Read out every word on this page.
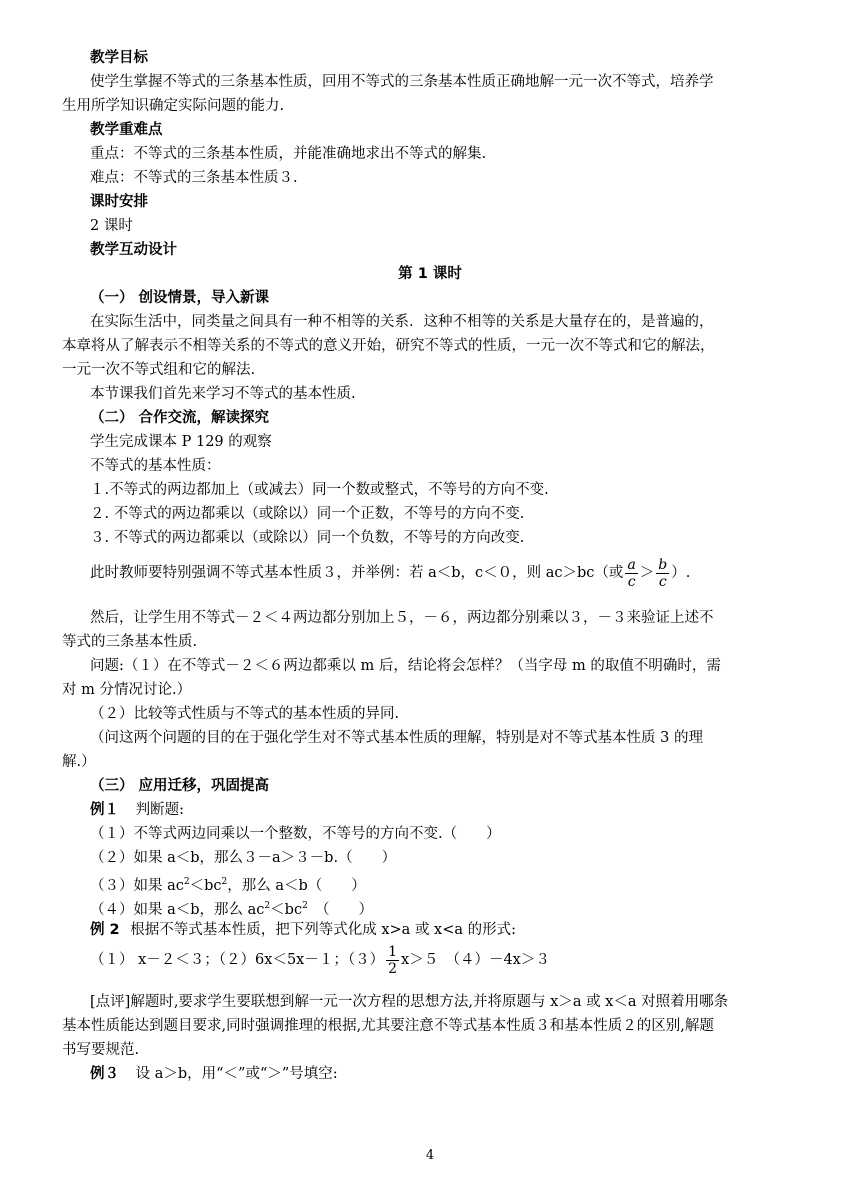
教学目标
使学生掌握不等式的三条基本性质，回用不等式的三条基本性质正确地解一元一次不等式，培养学
生用所学知识确定实际问题的能力.
教学重难点
重点：不等式的三条基本性质，并能准确地求出不等式的解集.
难点：不等式的三条基本性质３.
课时安排
2 课时
教学互动设计
第 1 课时
（一） 创设情景，导入新课
在实际生活中，同类量之间具有一种不相等的关系．这种不相等的关系是大量存在的，是普遍的，
本章将从了解表示不相等关系的不等式的意义开始，研究不等式的性质，一元一次不等式和它的解法，
一元一次不等式组和它的解法.
本节课我们首先来学习不等式的基本性质.
（二） 合作交流，解读探究
学生完成课本 P 129 的观察
不等式的基本性质：
１.不等式的两边都加上（或减去）同一个数或整式，不等号的方向不变.
２. 不等式的两边都乘以（或除以）同一个正数，不等号的方向不变.
３. 不等式的两边都乘以（或除以）同一个负数，不等号的方向改变.
此时教师要特别强调不等式基本性质３，并举例：若 a＜b，c＜０，则 ac＞bc（或 $\frac{a}{c} > \frac{b}{c}$ ）.
然后，让学生用不等式－２＜４两边都分别加上５，－６，两边都分别乘以３，－３来验证上述不
等式的三条基本性质.
问题:（１）在不等式－２＜６两边都乘以 m 后，结论将会怎样？（当字母 m 的取值不明确时，需
对 m 分情况讨论.）
（２）比较等式性质与不等式的基本性质的异同.
（问这两个问题的目的在于强化学生对不等式基本性质的理解，特别是对不等式基本性质 3 的理
解.）
（三） 应用迁移，巩固提高
例１ 判断题:
（１）不等式两边同乘以一个整数，不等号的方向不变.（　　）
（２）如果 a＜b，那么３－a＞３－b.（　　）
（３）如果 $ac^2<bc^2$，那么 a＜b（　　）
（４）如果 a＜b，那么 $ac^2<bc^2$　（　　）
例 2 根据不等式基本性质，把下列等式化成 x>a 或 x<a 的形式:
（１） x－２＜３；（２）6x＜5x－１；$(3) \frac{1}{2} x>5$　（４）－4x＞３
[点评]解题时,要求学生要联想到解一元一次方程的思想方法,并将原题与 x＞a 或 x＜a 对照着用哪条
基本性质能达到题目要求,同时强调推理的根据,尤其要注意不等式基本性质３和基本性质２的区别,解题
书写要规范.
例３ 设 a＞b，用“＜”或“＞”号填空:
4
